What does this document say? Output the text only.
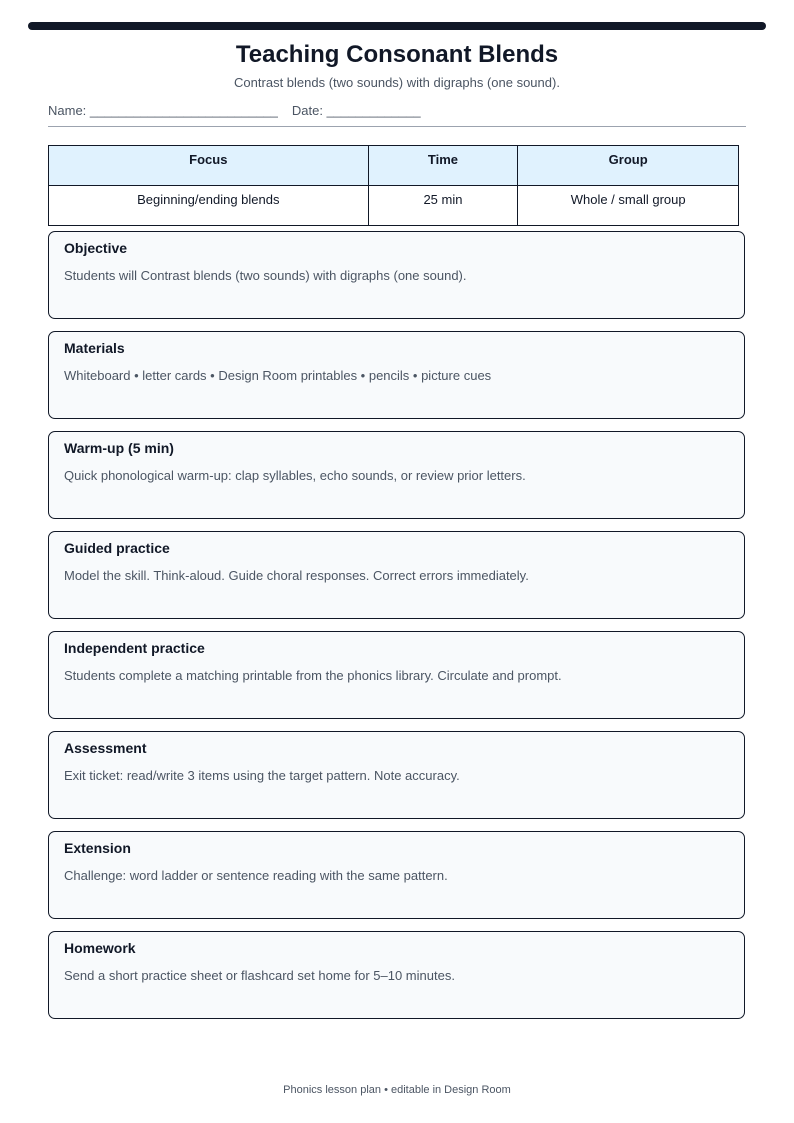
Teaching Consonant Blends
Contrast blends (two sounds) with digraphs (one sound).
Name: __________________________ Date: _____________
Focus	Time	Group
Beginning/ending blends	25 min	Whole / small group
Objective
Students will Contrast blends (two sounds) with digraphs (one sound).
Materials
Whiteboard • letter cards • Design Room printables • pencils • picture cues
Warm-up (5 min)
Quick phonological warm-up: clap syllables, echo sounds, or review prior letters.
Guided practice
Model the skill. Think-aloud. Guide choral responses. Correct errors immediately.
Independent practice
Students complete a matching printable from the phonics library. Circulate and prompt.
Assessment
Exit ticket: read/write 3 items using the target pattern. Note accuracy.
Extension
Challenge: word ladder or sentence reading with the same pattern.
Homework
Send a short practice sheet or flashcard set home for 5–10 minutes.
Phonics lesson plan • editable in Design Room
